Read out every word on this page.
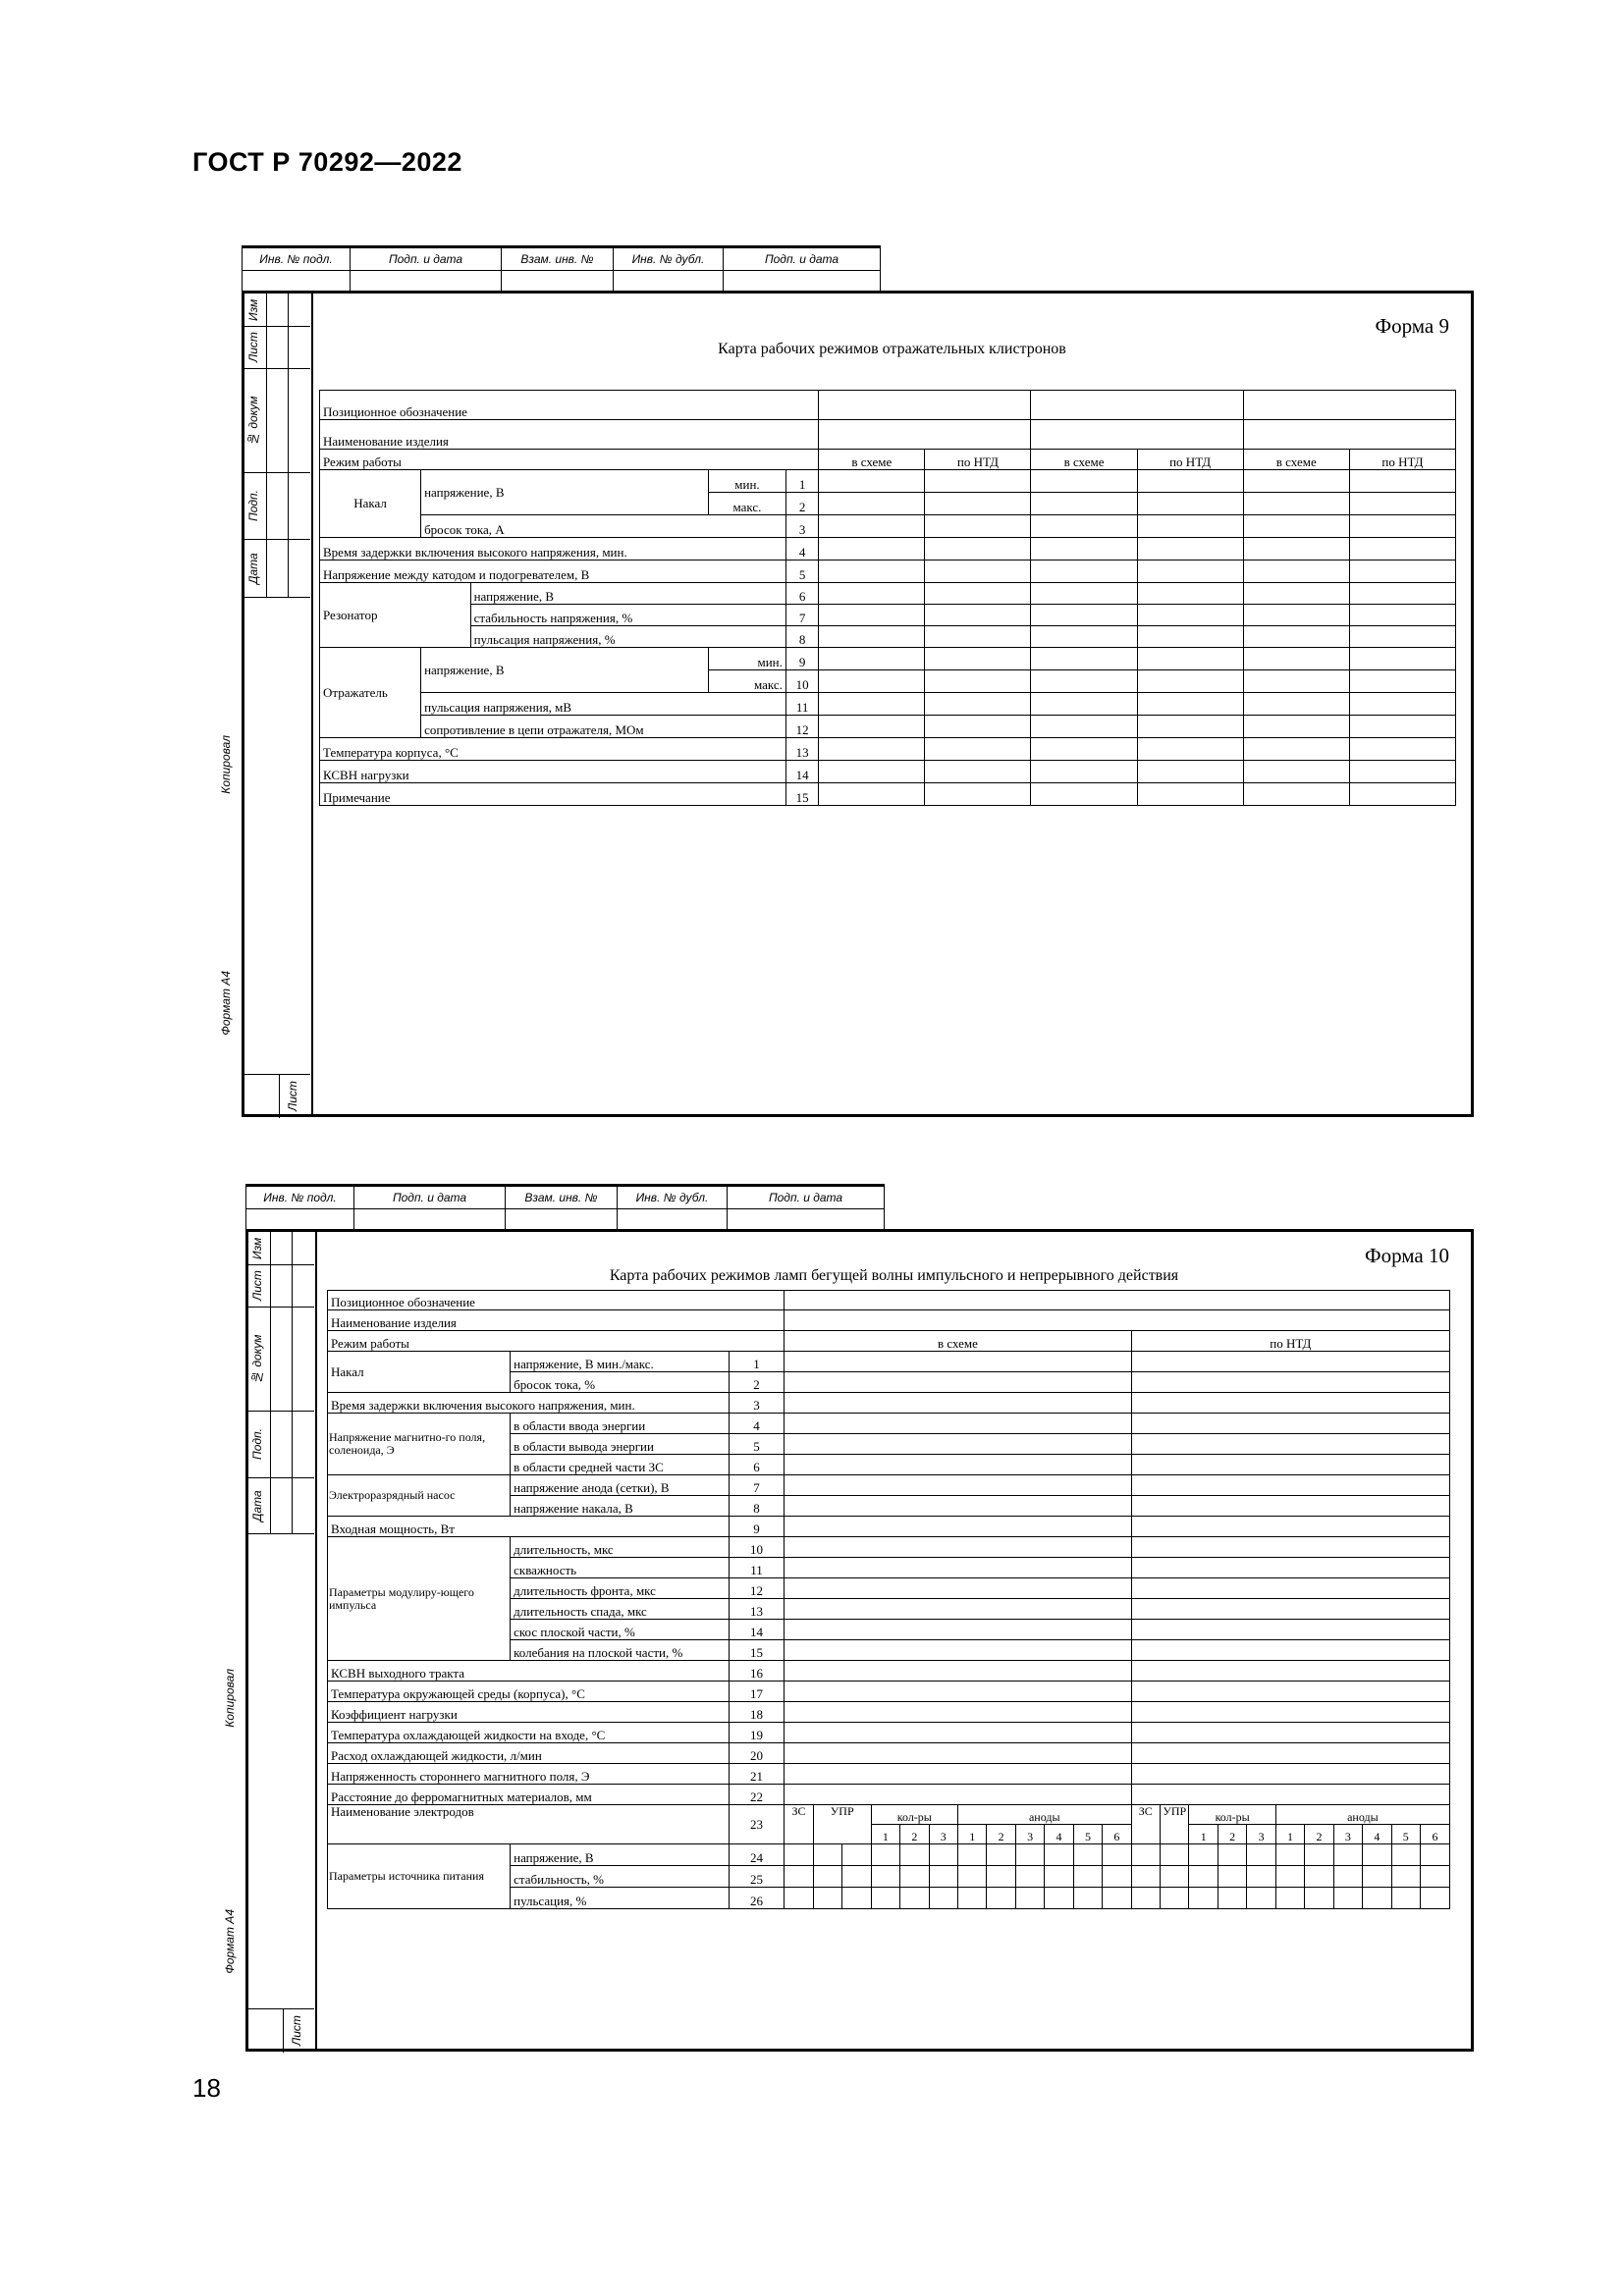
ГОСТ Р 70292—2022
Инв. № подл.	Подп. и дата	Взам. инв. №	Инв. № дубл.	Подп. и дата

Изм
Лист
№ докум
Подп.
Дата
Лист
Копировал
Формат А4
Форма 9
Карта рабочих режимов отражательных клистронов
Позиционное обозначение										
Наименование изделия										
Режим работы					в схеме	по НТД	в схеме	по НТД	в схеме	по НТД
Накал	напряжение, В		мин.	1						
			макс.	2						
	бросок тока, А			3						
Время задержки включения высокого напряжения, мин.				4						
Напряжение между катодом и подогревателем, В				5						
Резонатор		напряжение, В		6						
		стабильность напряжения, %		7						
		пульсация напряжения, %		8						
Отражатель	напряжение, В		мин.	9						
			макс.	10						
	пульсация напряжения, мВ			11						
	сопротивление в цепи отражателя, МОм			12						
Температура корпуса, °С				13						
КСВН нагрузки				14						
Примечание				15						
Инв. № подл.	Подп. и дата	Взам. инв. №	Инв. № дубл.	Подп. и дата

Изм
Лист
№ докум
Подп.
Дата
Лист
Копировал
Формат А4
Форма 10
Карта рабочих режимов ламп бегущей волны импульсного и непрерывного действия
Позиционное обозначение																									
Наименование изделия																									
Режим работы			в схеме												по НТД										
Накал	напряжение, В мин./макс.	1																							
	бросок тока, %	2																							
Время задержки включения высокого напряжения, мин.		3																							
Напряжение магнитно-го поля, соленоида, Э	в области ввода энергии	4																							
	в области вывода энергии	5																							
	в области средней части ЗС	6																							
Электроразрядный насос	напряжение анода (сетки), В	7																							
	напряжение накала, В	8																							
Входная мощность, Вт		9																							
Параметры модулиру-ющего импульса	длительность, мкс	10																							
	скважность	11																							
	длительность фронта, мкс	12																							
	длительность спада, мкс	13																							
	скос плоской части, %	14																							
	колебания на плоской части, %	15																							
КСВН выходного тракта		16																							
Температура окружающей среды (корпуса), °С		17																							
Коэффициент нагрузки		18																							
Температура охлаждающей жидкости на входе, °С		19																							
Расход охлаждающей жидкости, л/мин		20																							
Напряженность стороннего магнитного поля, Э		21																							
Расстояние до ферромагнитных материалов, мм		22																							
Наименование электродов		23	ЗС	УПР		кол-ры			аноды						ЗС	УПР	кол-ры			аноды					
						1	2	3	1	2	3	4	5	6			1	2	3	1	2	3	4	5	6
Параметры источника питания	напряжение, В	24																							
	стабильность, %	25																							
	пульсация, %	26																							
18
